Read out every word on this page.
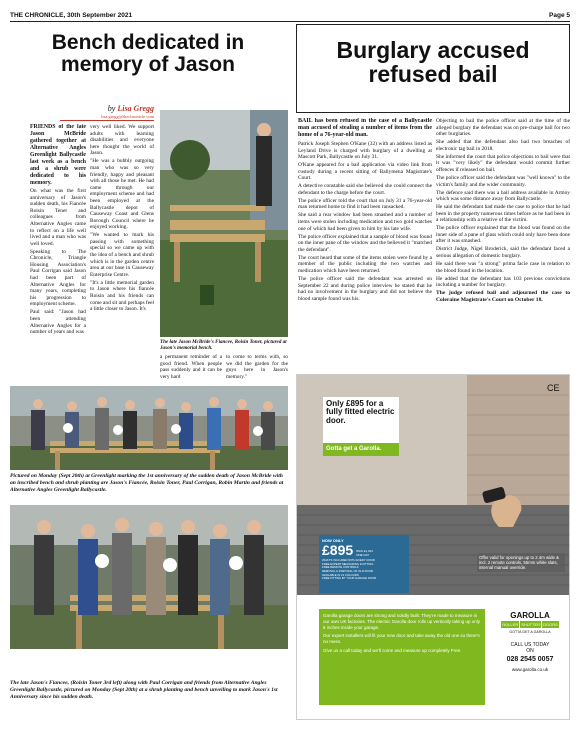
THE CHRONICLE, 30th September 2021	Page 5
Bench dedicated in memory of Jason
by Lisa Gregg
lisa.gregg@thechronicle.com

FRIENDS of the late Jason McBride gathered together at Alternative Angles Greenlight Ballycastle last week as a bench and a shrub were dedicated to his memory.

On what was the first anniversary of Jason's sudden death, his Fiancée Roisin Tener and colleagues from Alternative Angles came to reflect on a life well lived and a man who was well loved.

Speaking to The Chronicle, Triangle Housing Association's Paul Corrigan said Jason had been part of Alternative Angles for many years, completing his progression to employment scheme.

Paul said: "Jason had been attending Alternative Angles for a number of years and was

very well liked. We support adults with learning disabilities and everyone here thought the world of Jason.

"He was a bubbly outgoing man who was so very friendly, happy and pleasant with all those he met. He had came through our employment scheme and had been employed at the Ballycastle depot of Causeway Coast and Glens Borough Council where he enjoyed working.

"We wanted to mark his passing with something special so we came up with the idea of a bench and shrub which is in the garden centre area at our base in Causeway Enterprise Centre.

"It's a little memorial garden to Jason where his fiancée Roisin and his friends can come and sit and perhaps feel a little closer to Jason. It's

The late Jason McBride's Fiancee, Roisin Toner, pictured at Jason's memorial bench.

a permanent reminder of a good friend. When people pass suddenly and it can be very hard

to come to terms with, so we did the garden for the guys here in Jason's memory."

Pictured on Monday (Sept 20th) at Greenlight marking the 1st anniversary of the sudden death of Jason McBride with an inscribed bench and shrub planting are Jason's Fiancée, Roisin Toner, Paul Corrigan, Robin Martin and friends at Alternative Angles Greenlight Ballycastle.
The late Jason's Fiancee, (Roisin Toner 3rd left) along with Paul Corrigan and friends from Alternative Angles Greenlight Ballycastle, pictured on Monday (Sept 20th) at a shrub planting and bench unveiling to mark Jason's 1st Anniversary since his sudden death.
Burglary accused refused bail

BAIL has been refused in the case of a Ballycastle man accused of stealing a number of items from the home of a 76-year-old man.

Patrick Joseph Stephen O'Kane (32) with an address listed as Leyland Drive is charged with burglary of a dwelling at Mascott Park, Ballycastle on July 31.

O'Kane appeared for a bail application via video link from custody during a recent sitting of Ballymena Magistrate's Court.

A detective constable said she believed she could connect the defendant to the charge before the court.

The police officer told the court that on July 31 a 76-year-old man returned home to find it had been ransacked.

She said a rear window had been smashed and a number of items were stolen including medication and two gold watches one of which had been given to him by his late wife.

The police officer explained that a sample of blood was found on the inner pane of the window and the believed it "matched the defendant".

The court heard that some of the items stolen were found by a member of the public including the two watches and medication which have been returned.

The police officer said the defendant was arrested on September 22 and during police interview he stated that he had no involvement in the burglary and did not believe the blood sample found was his.

Objecting to bail the police officer said at the time of the alleged burglary the defendant was on pre-charge bail for two other burglaries.

She added that the defendant also had two breaches of electronic tag bail in 2018.

She informed the court that police objections to bail were that it was "very likely" the defendant would commit further offences if released on bail.

The police officer said the defendant was "well known" to the victim's family and the wider community.

The defence said there was a bail address available in Armoy which was some distance away from Ballycastle.

He said the defendant had made the case to police that he had been in the property numerous times before as he had been in a relationship with a relative of the victim.

The police officer explained that the blood was found on the inner side of a pane of glass which could only have been done after it was smashed.

District Judge, Nigel Broderick, said the defendant faced a serious allegation of domestic burglary.

He said there was "a strong" prima facie case in relation to the blood found in the location.

He added that the defendant has 103 previous convictions including a number for burglary.

The judge refused bail and adjourned the case to Coleraine Magistrate's Court on October 18.

Only £895 for a fully fitted electric door.
Gotta get a Garolla.
CE
NOW ONLY
£895 WAS £1,344 ONE DAY
WHAT'S INCLUDED WITH EVERY DOOR
FREE EXPERT MEASURING & FITTING
FREE REMOTE CONTROLS
REMOVAL & DISPOSAL OF OLD DOOR
AVAILABLE IN 21 COLOURS
FREE FITTING BY YOUR GARAGE DOOR
Offer valid for openings up to 2.4m wide & incl. 2 remote controls, 55mm white slats, internal manual override.

Garolla garage doors are strong and solidly built. They're made to measure in our own UK factories. The electric Garolla door rolls up vertically taking up only 6 inches inside your garage.

Our expert installers will fit your new door and take away the old one so there's no mess.

Give us a call today and we'll come and measure up completely Free.

GAROLLA
ROLLER SHUTTER DOORS
GOTTA GET A GAROLLA
CALL US TODAY
ON
028 2545 0057
www.garolla.co.uk
